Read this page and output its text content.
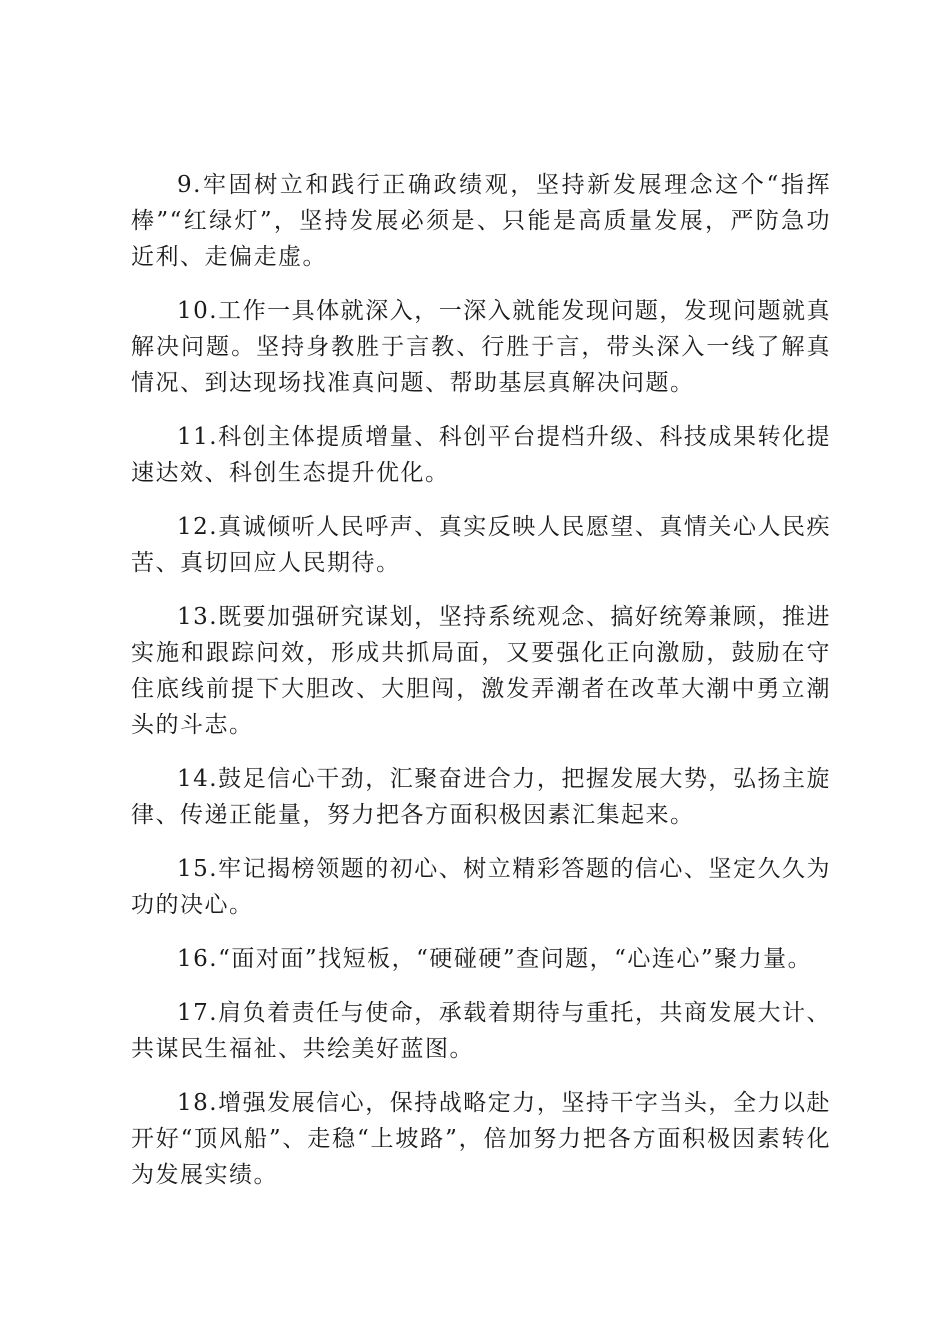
9.牢固树立和践行正确政绩观，坚持新发展理念这个“指挥棒”“红绿灯”，坚持发展必须是、只能是高质量发展，严防急功近利、走偏走虚。

10.工作一具体就深入，一深入就能发现问题，发现问题就真解决问题。坚持身教胜于言教、行胜于言，带头深入一线了解真情况、到达现场找准真问题、帮助基层真解决问题。

11.科创主体提质增量、科创平台提档升级、科技成果转化提速达效、科创生态提升优化。

12.真诚倾听人民呼声、真实反映人民愿望、真情关心人民疾苦、真切回应人民期待。

13.既要加强研究谋划，坚持系统观念、搞好统筹兼顾，推进实施和跟踪问效，形成共抓局面，又要强化正向激励，鼓励在守住底线前提下大胆改、大胆闯，激发弄潮者在改革大潮中勇立潮头的斗志。

14.鼓足信心干劲，汇聚奋进合力，把握发展大势，弘扬主旋律、传递正能量，努力把各方面积极因素汇集起来。

15.牢记揭榜领题的初心、树立精彩答题的信心、坚定久久为功的决心。

16.“面对面”找短板，“硬碰硬”查问题，“心连心”聚力量。

17.肩负着责任与使命，承载着期待与重托，共商发展大计、共谋民生福祉、共绘美好蓝图。

18.增强发展信心，保持战略定力，坚持干字当头，全力以赴开好“顶风船”、走稳“上坡路”，倍加努力把各方面积极因素转化为发展实绩。
